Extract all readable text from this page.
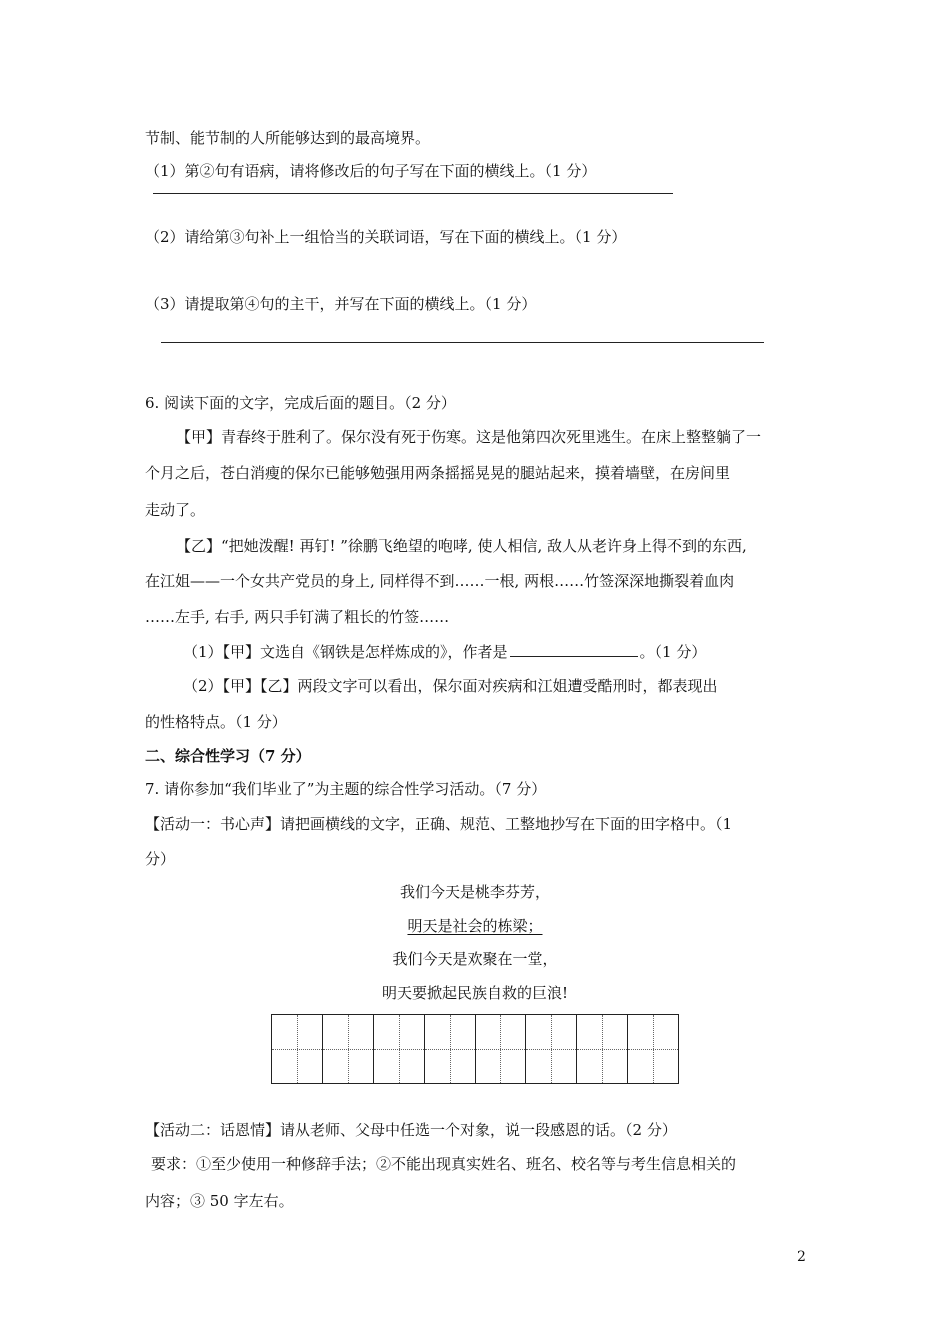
节制、能节制的人所能够达到的最高境界。
（1）第②句有语病，请将修改后的句子写在下面的横线上。（1 分）
（2）请给第③句补上一组恰当的关联词语，写在下面的横线上。（1 分）
（3）请提取第④句的主干，并写在下面的横线上。（1 分）
6. 阅读下面的文字，完成后面的题目。（2 分）
【甲】青春终于胜利了。保尔没有死于伤寒。这是他第四次死里逃生。在床上整整躺了一
个月之后，苍白消瘦的保尔已能够勉强用两条摇摇晃晃的腿站起来，摸着墙壁，在房间里
走动了。
【乙】“把她泼醒! 再钉! ”徐鹏飞绝望的咆哮, 使人相信, 敌人从老许身上得不到的东西,
在江姐——一个女共产党员的身上, 同样得不到……一根, 两根……竹签深深地撕裂着血肉
……左手, 右手, 两只手钉满了粗长的竹签……
（1）【甲】文选自《钢铁是怎样炼成的》，作者是	。（1 分）
（2）【甲】【乙】两段文字可以看出，保尔面对疾病和江姐遭受酷刑时，都表现出
的性格特点。（1 分）
二、综合性学习（7 分）
7. 请你参加“我们毕业了”为主题的综合性学习活动。（7 分）
【活动一：书心声】请把画横线的文字，正确、规范、工整地抄写在下面的田字格中。（1
分）
我们今天是桃李芬芳，
明天是社会的栋梁；
我们今天是欢聚在一堂，
明天要掀起民族自救的巨浪!
【活动二：话恩情】请从老师、父母中任选一个对象，说一段感恩的话。（2 分）
要求：①至少使用一种修辞手法；②不能出现真实姓名、班名、校名等与考生信息相关的
内容；③ 50 字左右。
2
